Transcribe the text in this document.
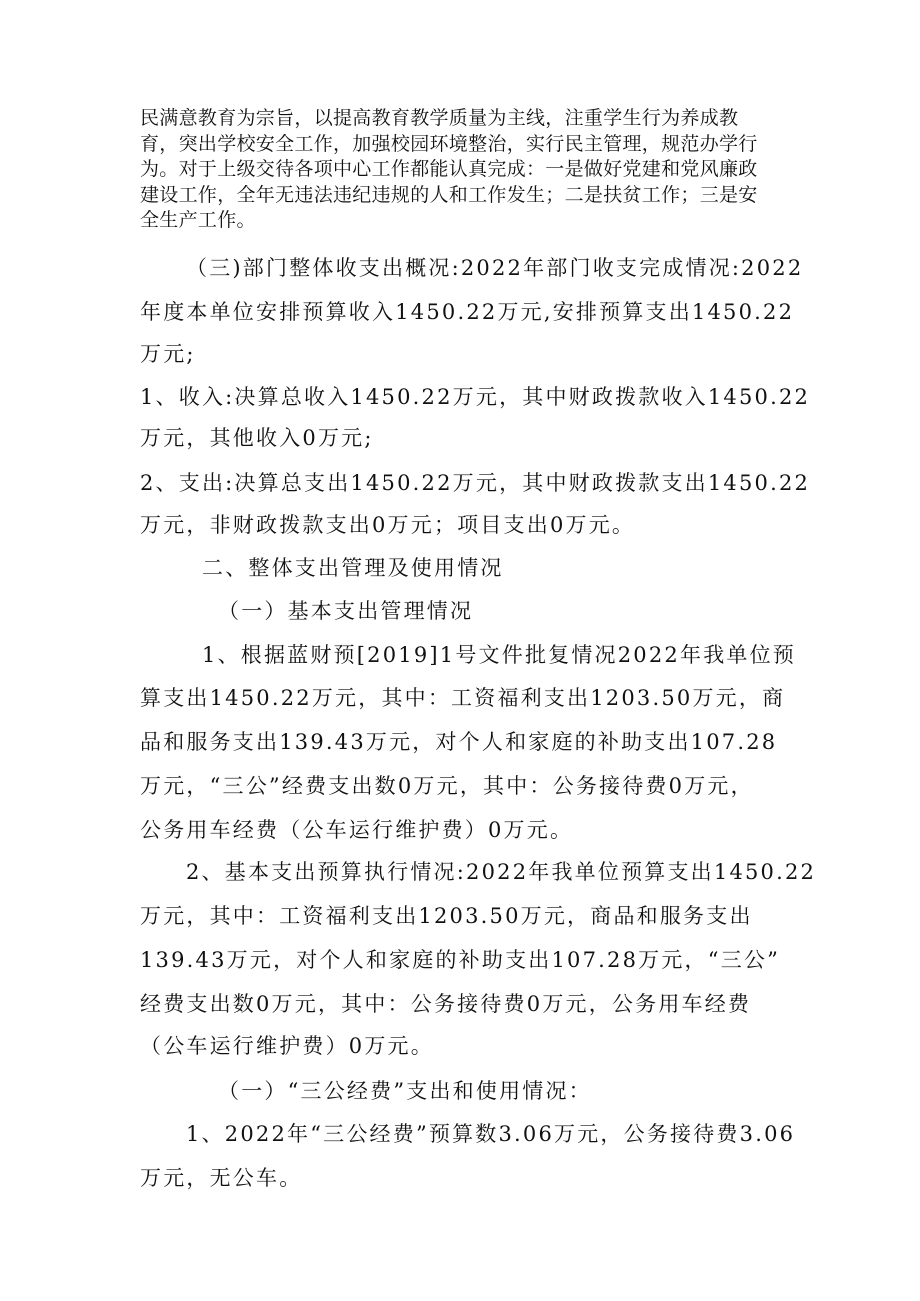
民满意教育为宗旨，以提高教育教学质量为主线，注重学生行为养成教
育，突出学校安全工作，加强校园环境整治，实行民主管理，规范办学行
为。对于上级交待各项中心工作都能认真完成：一是做好党建和党风廉政
建设工作，全年无违法违纪违规的人和工作发生；二是扶贫工作；三是安
全生产工作。
（三)部门整体收支出概况:2022年部门收支完成情况:2022
年度本单位安排预算收入1450.22万元,安排预算支出1450.22
万元;
1、收入:决算总收入1450.22万元，其中财政拨款收入1450.22
万元，其他收入0万元;
2、支出:决算总支出1450.22万元，其中财政拨款支出1450.22
万元，非财政拨款支出0万元；项目支出0万元。
二、整体支出管理及使用情况
（一）基本支出管理情况
1、根据蓝财预[2019]1号文件批复情况2022年我单位预
算支出1450.22万元，其中：工资福利支出1203.50万元，商
品和服务支出139.43万元，对个人和家庭的补助支出107.28
万元，“三公”经费支出数0万元，其中：公务接待费0万元，
公务用车经费（公车运行维护费）0万元。
2、基本支出预算执行情况:2022年我单位预算支出1450.22
万元，其中：工资福利支出1203.50万元，商品和服务支出
139.43万元，对个人和家庭的补助支出107.28万元，“三公”
经费支出数0万元，其中：公务接待费0万元，公务用车经费
（公车运行维护费）0万元。
（一）“三公经费”支出和使用情况：
1、2022年“三公经费”预算数3.06万元，公务接待费3.06
万元，无公车。
